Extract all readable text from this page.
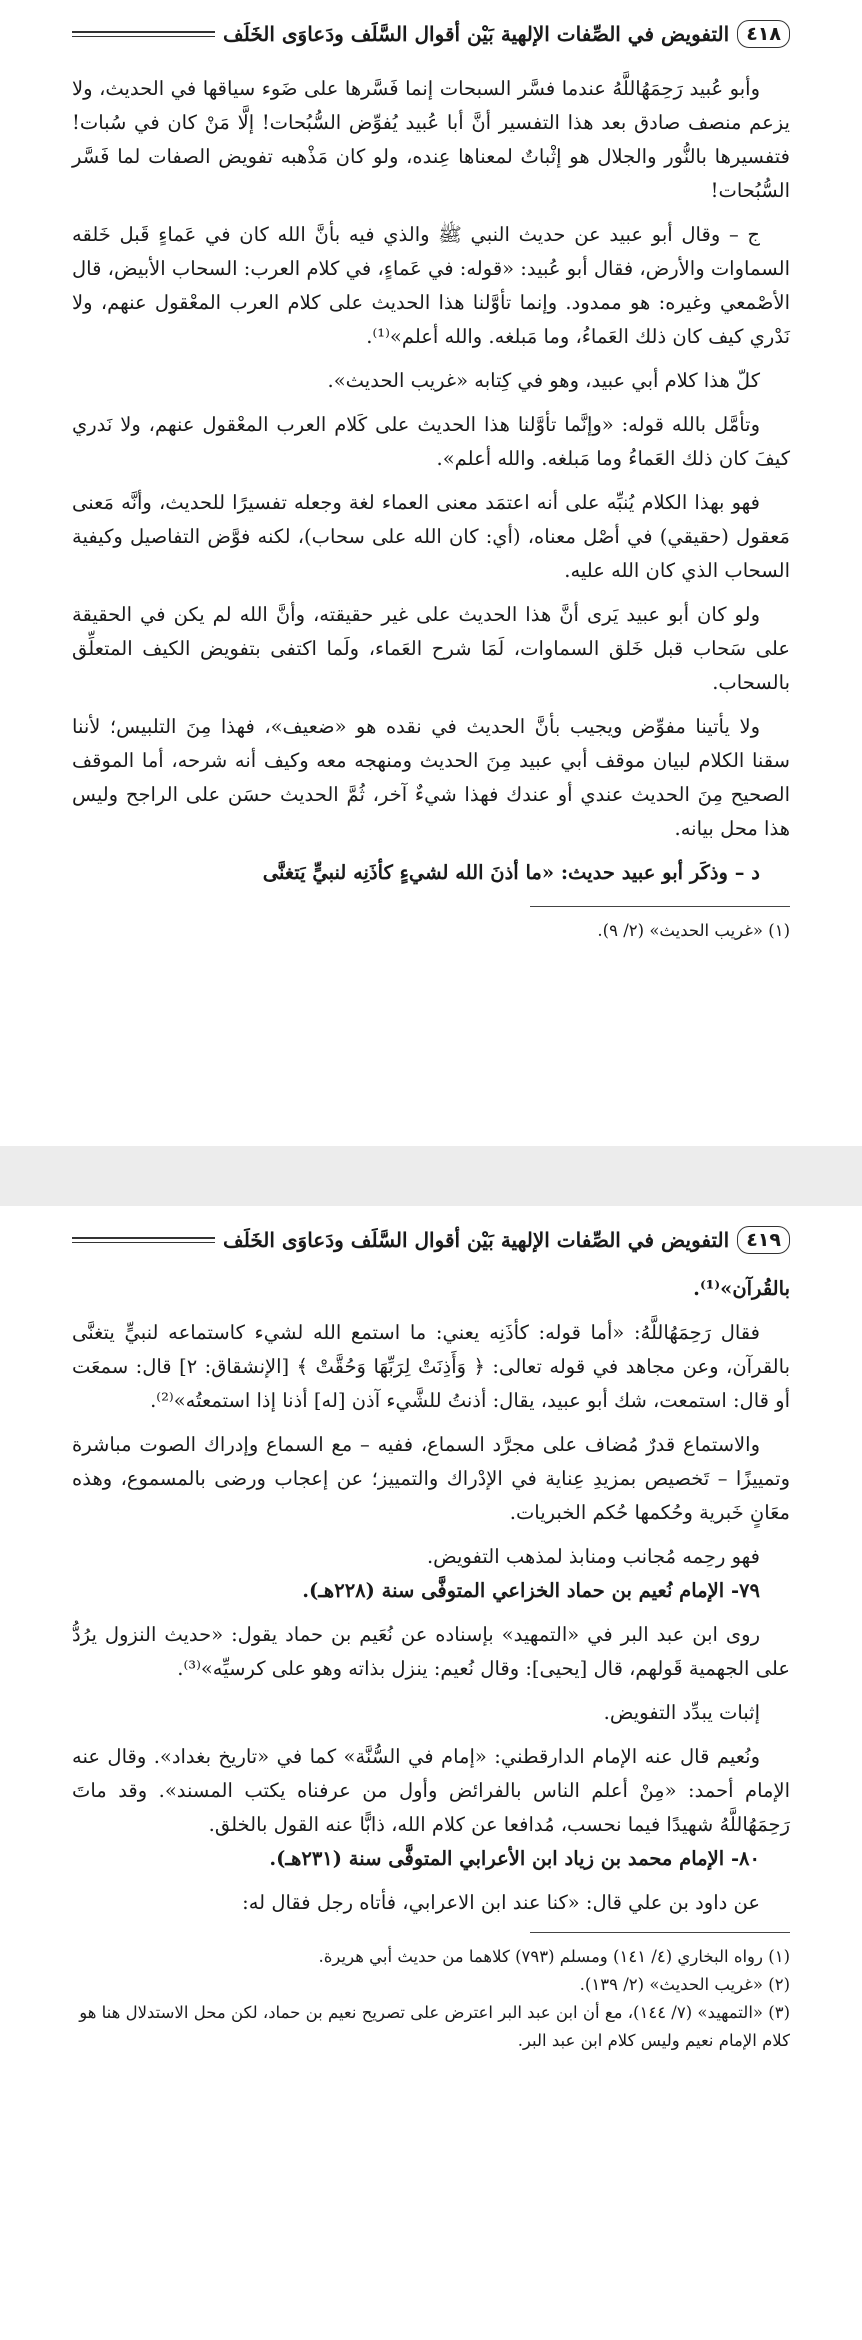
٤١٨
التفويض في الصِّفات الإلهية بَيْن أقوال السَّلَف ودَعاوَى الخَلَف

وأبو عُبيد رَحِمَهُاللَّهُ عندما فسَّر السبحات إنما فَسَّرها على ضَوء سياقها في الحديث، ولا يزعم منصف صادق بعد هذا التفسير أنَّ أبا عُبيد يُفوِّض السُّبُحات! إلَّا مَنْ كان في سُبات! فتفسيرها بالنُّور والجلال هو إثْباتٌ لمعناها عِنده، ولو كان مَذْهبه تفويض الصفات لما فَسَّر السُّبُحات!

ج – وقال أبو عبيد عن حديث النبي ﷺ والذي فيه بأنَّ الله كان في عَماءٍ قَبل خَلقه السماوات والأرض، فقال أبو عُبيد: «قوله: في عَماءٍ، في كلام العرب: السحاب الأبيض، قال الأصْمعي وغيره: هو ممدود. وإنما تأوَّلنا هذا الحديث على كلام العرب المعْقول عنهم، ولا نَدْري كيف كان ذلك العَماءُ، وما مَبلغه. والله أعلم»⁽¹⁾.

كلّ هذا كلام أبي عبيد، وهو في كِتابه «غريب الحديث».

وتأمَّل بالله قوله: «وإنَّما تأوَّلنا هذا الحديث على كَلام العرب المعْقول عنهم، ولا نَدري كيفَ كان ذلك العَماءُ وما مَبلغه. والله أعلم».

فهو بهذا الكلام يُنبِّه على أنه اعتمَد معنى العماء لغة وجعله تفسيرًا للحديث، وأنَّه مَعنى مَعقول (حقيقي) في أصْل معناه، (أي: كان الله على سحاب)، لكنه فوَّض التفاصيل وكيفية السحاب الذي كان الله عليه.

ولو كان أبو عبيد يَرى أنَّ هذا الحديث على غير حقيقته، وأنَّ الله لم يكن في الحقيقة على سَحاب قبل خَلق السماوات، لَمَا شرح العَماء، ولَما اكتفى بتفويض الكيف المتعلِّق بالسحاب.

ولا يأتينا مفوِّض ويجيب بأنَّ الحديث في نقده هو «ضعيف»، فهذا مِنَ التلبيس؛ لأننا سقنا الكلام لبيان موقف أبي عبيد مِنَ الحديث ومنهجه معه وكيف أنه شرحه، أما الموقف الصحيح مِنَ الحديث عندي أو عندك فهذا شيءٌ آخر، ثُمَّ الحديث حسَن على الراجح وليس هذا محل بيانه.

د – وذكَر أبو عبيد حديث: «ما أذنَ الله لشيءٍ كأذَنِه لنبيٍّ يَتغنَّى

(١) «غريب الحديث» (٢/ ٩).

٤١٩
التفويض في الصِّفات الإلهية بَيْن أقوال السَّلَف ودَعاوَى الخَلَف

بالقُرآن»⁽¹⁾.

فقال رَحِمَهُاللَّهُ: «أما قوله: كأذَنِه يعني: ما استمع الله لشيء كاستماعه لنبيٍّ يتغنَّى بالقرآن، وعن مجاهد في قوله تعالى: ﴿ وَأَذِنَتْ لِرَبِّهَا وَحُقَّتْ ﴾ [الإنشقاق: ٢] قال: سمعَت أو قال: استمعت، شك أبو عبيد، يقال: أذنتُ للشَّيء آذن [له] أذنا إذا استمعتُه»⁽²⁾.

والاستماع قدرٌ مُضاف على مجرَّد السماع، ففيه – مع السماع وإدراك الصوت مباشرة وتمييزًا – تَخصيص بمزيدِ عِناية في الإدْراك والتمييز؛ عن إعجاب ورضى بالمسموع، وهذه معَانٍ خَبرية وحُكمها حُكم الخبريات.

فهو رحِمه مُجانب ومنابذ لمذهب التفويض.

٧٩- الإمام نُعيم بن حماد الخزاعي المتوفَّى سنة (٢٢٨هـ).

روى ابن عبد البر في «التمهيد» بإسناده عن نُعَيم بن حماد يقول: «حديث النزول يرُدُّ على الجهمية قَولهم، قال [يحيى]: وقال نُعيم: ينزل بذاته وهو على كرسيِّه»⁽³⁾.

إثبات يبدِّد التفويض.

ونُعيم قال عنه الإمام الدارقطني: «إمام في السُّنَّة» كما في «تاريخ بغداد». وقال عنه الإمام أحمد: «مِنْ أعلم الناس بالفرائض وأول من عرفناه يكتب المسند». وقد ماتَ رَحِمَهُاللَّهُ شهيدًا فيما نحسب، مُدافعا عن كلام الله، ذابًّا عنه القول بالخلق.

٨٠- الإمام محمد بن زياد ابن الأعرابي المتوفَّى سنة (٢٣١هـ).

عن داود بن علي قال: «كنا عند ابن الاعرابي، فأتاه رجل فقال له:

(١) رواه البخاري (٤/ ١٤١) ومسلم (٧٩٣) كلاهما من حديث أبي هريرة.

(٢) «غريب الحديث» (٢/ ١٣٩).

(٣) «التمهيد» (٧/ ١٤٤)، مع أن ابن عبد البر اعترض على تصريح نعيم بن حماد، لكن محل الاستدلال هنا هو كلام الإمام نعيم وليس كلام ابن عبد البر.
